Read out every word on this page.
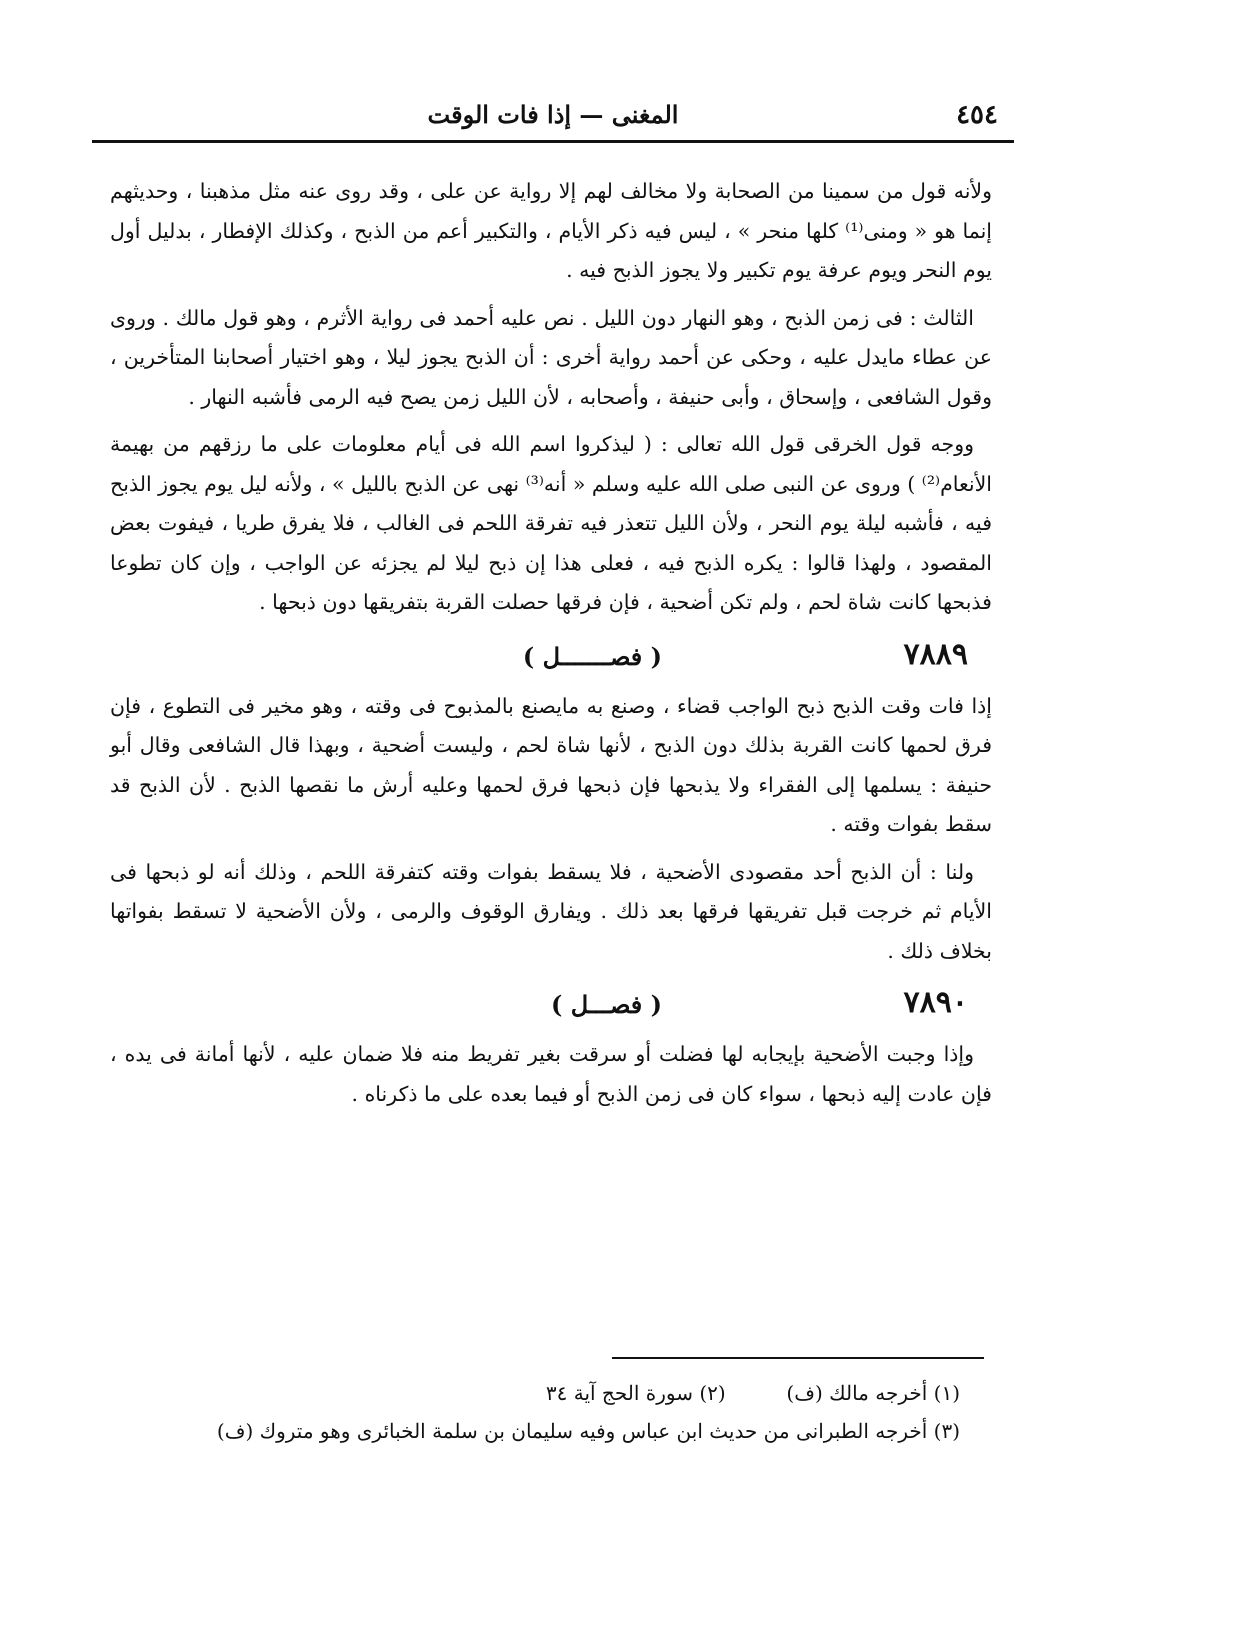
٤٥٤
المغنى — إذا فات الوقت

ولأنه قول من سمينا من الصحابة ولا مخالف لهم إلا رواية عن على ، وقد روى عنه مثل مذهبنا ، وحديثهم إنما هو « ومنى⁽¹⁾ كلها منحر » ، ليس فيه ذكر الأيام ، والتكبير أعم من الذبح ، وكذلك الإفطار ، بدليل أول يوم النحر ويوم عرفة يوم تكبير ولا يجوز الذبح فيه .

الثالث : فى زمن الذبح ، وهو النهار دون الليل . نص عليه أحمد فى رواية الأثرم ، وهو قول مالك . وروى عن عطاء مايدل عليه ، وحكى عن أحمد رواية أخرى : أن الذبح يجوز ليلا ، وهو اختيار أصحابنا المتأخرين ، وقول الشافعى ، وإسحاق ، وأبى حنيفة ، وأصحابه ، لأن الليل زمن يصح فيه الرمى فأشبه النهار .

ووجه قول الخرقى قول الله تعالى : ( ليذكروا اسم الله فى أيام معلومات على ما رزقهم من بهيمة الأنعام⁽²⁾ ) وروى عن النبى صلى الله عليه وسلم « أنه⁽³⁾ نهى عن الذبح بالليل » ، ولأنه ليل يوم يجوز الذبح فيه ، فأشبه ليلة يوم النحر ، ولأن الليل تتعذر فيه تفرقة اللحم فى الغالب ، فلا يفرق طريا ، فيفوت بعض المقصود ، ولهذا قالوا : يكره الذبح فيه ، فعلى هذا إن ذبح ليلا لم يجزئه عن الواجب ، وإن كان تطوعا فذبحها كانت شاة لحم ، ولم تكن أضحية ، فإن فرقها حصلت القربة بتفريقها دون ذبحها .

٧٨٨٩
( فصـــــــل )

إذا فات وقت الذبح ذبح الواجب قضاء ، وصنع به مايصنع بالمذبوح فى وقته ، وهو مخير فى التطوع ، فإن فرق لحمها كانت القربة بذلك دون الذبح ، لأنها شاة لحم ، وليست أضحية ، وبهذا قال الشافعى وقال أبو حنيفة : يسلمها إلى الفقراء ولا يذبحها فإن ذبحها فرق لحمها وعليه أرش ما نقصها الذبح . لأن الذبح قد سقط بفوات وقته .

ولنا : أن الذبح أحد مقصودى الأضحية ، فلا يسقط بفوات وقته كتفرقة اللحم ، وذلك أنه لو ذبحها فى الأيام ثم خرجت قبل تفريقها فرقها بعد ذلك . ويفارق الوقوف والرمى ، ولأن الأضحية لا تسقط بفواتها بخلاف ذلك .

٧٨٩٠
( فصـــل )

وإذا وجبت الأضحية بإيجابه لها فضلت أو سرقت بغير تفريط منه فلا ضمان عليه ، لأنها أمانة فى يده ، فإن عادت إليه ذبحها ، سواء كان فى زمن الذبح أو فيما بعده على ما ذكرناه .

(١) أخرجه مالك (ف)  (٢) سورة الحج آية ٣٤
(٣) أخرجه الطبرانى من حديث ابن عباس وفيه سليمان بن سلمة الخبائرى وهو متروك (ف)
